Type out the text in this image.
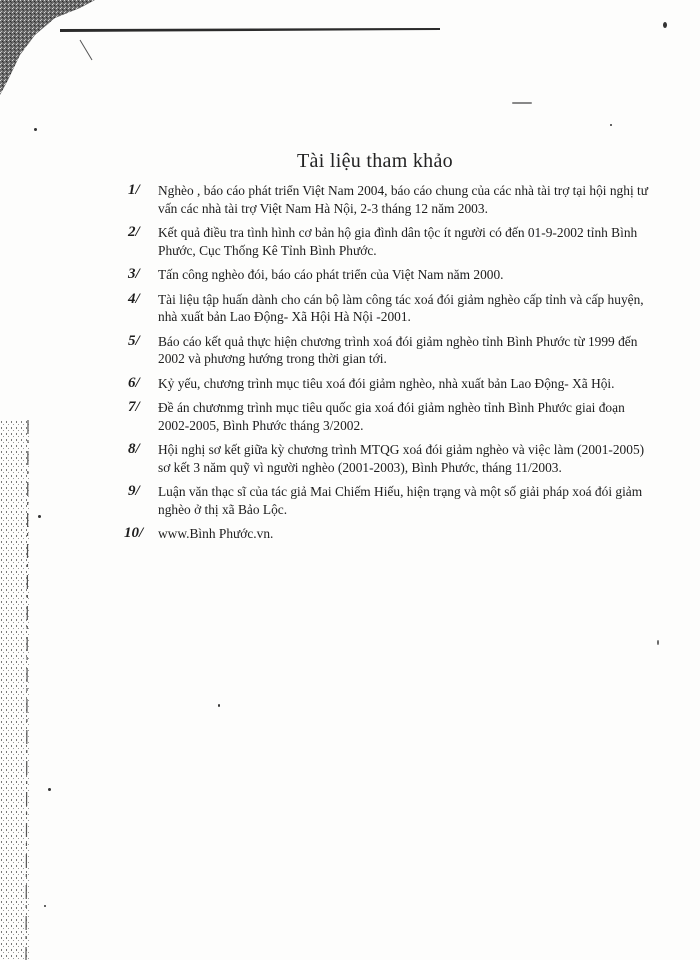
Tài liệu tham khảo
1/ Nghèo , báo cáo phát triển Việt Nam 2004, báo cáo chung của các nhà tài trợ tại hội nghị tư vấn các nhà tài trợ Việt Nam Hà Nội, 2-3 tháng 12 năm 2003.
2/ Kết quả điều tra tình hình cơ bản hộ gia đình dân tộc ít người có đến 01-9-2002 tỉnh Bình Phước, Cục Thống Kê Tỉnh Bình Phước.
3/ Tấn công nghèo đói, báo cáo phát triển của Việt Nam năm 2000.
4/ Tài liệu tập huấn dành cho cán bộ làm công tác xoá đói giảm nghèo cấp tỉnh và cấp huyện, nhà xuất bản Lao Động- Xã Hội Hà Nội -2001.
5/ Báo cáo kết quả thực hiện chương trình xoá đói giảm nghèo tỉnh Bình Phước từ 1999 đến 2002 và phương hướng trong thời gian tới.
6/ Kỷ yếu, chương trình mục tiêu xoá đói giảm nghèo, nhà xuất bản Lao Động- Xã Hội.
7/ Đề án chươnmg trình mục tiêu quốc gia xoá đói giảm nghèo tỉnh Bình Phước giai đoạn 2002-2005, Bình Phước tháng 3/2002.
8/ Hội nghị sơ kết giữa kỳ chương trình MTQG xoá đói giảm nghèo và việc làm (2001-2005) sơ kết 3 năm quỹ vì người nghèo (2001-2003), Bình Phước, tháng 11/2003.
9/ Luận văn thạc sĩ của tác giả Mai Chiếm Hiếu, hiện trạng và một số giải pháp xoá đói giảm nghèo ở thị xã Bảo Lộc.
10/ www.Bình Phước.vn.
